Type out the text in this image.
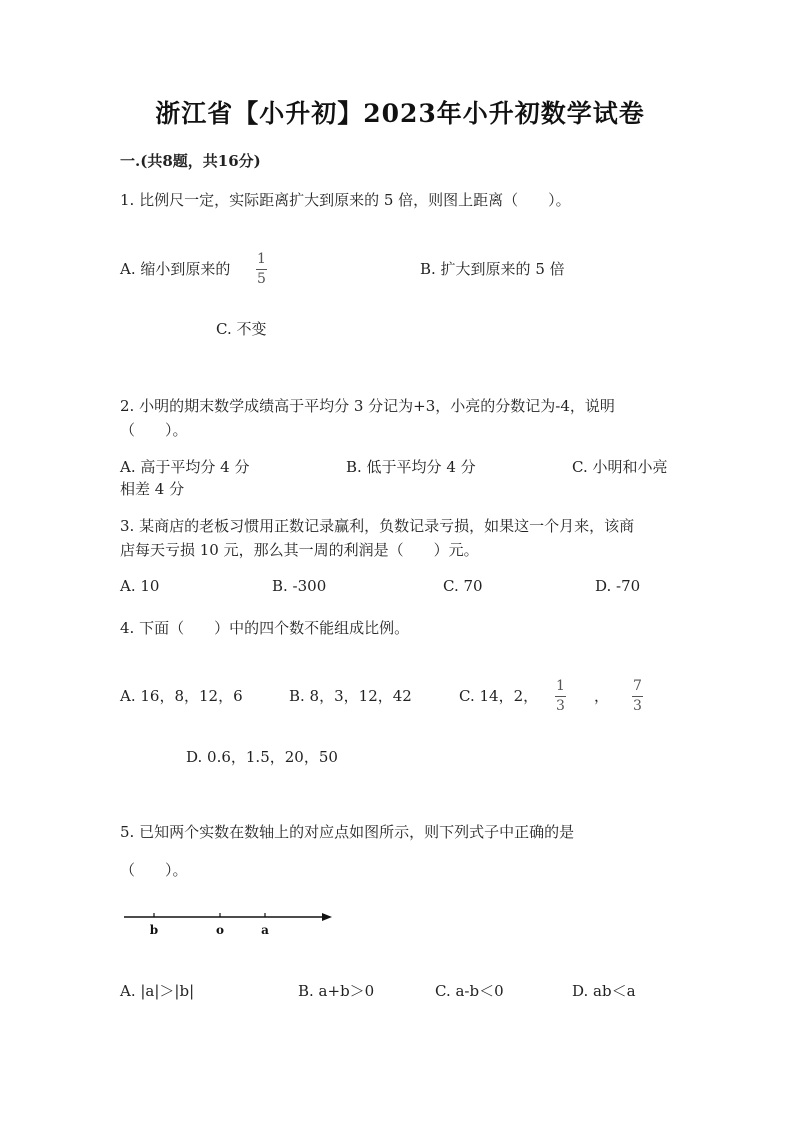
浙江省【小升初】2023年小升初数学试卷
一.(共8题，共16分)
1. 比例尺一定，实际距离扩大到原来的 5 倍，则图上距离（　　）。
A. 缩小到原来的
1
5
B. 扩大到原来的 5 倍
C. 不变
2. 小明的期末数学成绩高于平均分 3 分记为+3，小亮的分数记为-4，说明
（　　）。
A. 高于平均分 4 分	B. 低于平均分 4 分	C. 小明和小亮
相差 4 分
3. 某商店的老板习惯用正数记录赢利，负数记录亏损，如果这一个月来，该商
店每天亏损 10 元，那么其一周的利润是（　　）元。
A. 10	B. -300	C. 70	D. -70
4. 下面（　　）中的四个数不能组成比例。
A. 16，8，12，6	B. 8，3，12，42	C. 14，2，
1
3
，
7
3
D. 0.6，1.5，20，50
5. 已知两个实数在数轴上的对应点如图所示，则下列式子中正确的是
（　　）。
b	o	a
A. |a|＞|b|	B. a+b＞0	C. a-b＜0	D. ab＜a
